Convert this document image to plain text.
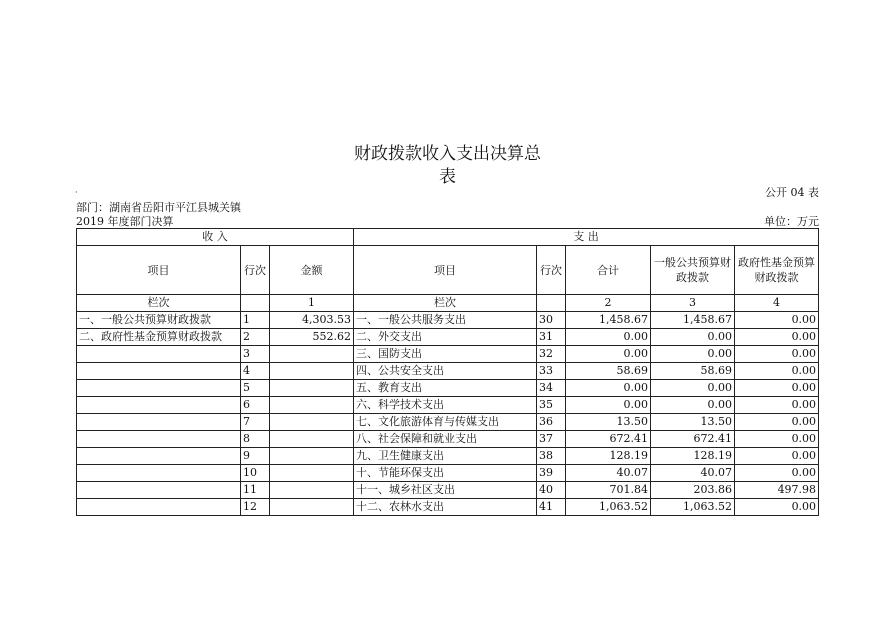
财政拨款收入支出决算总
表
·	公开 04 表
部门：湖南省岳阳市平江县城关镇
2019 年度部门决算	单位：万元
收 入			支 出				
项目	行次	金额	项目	行次	合计	一般公共预算财政拨款	政府性基金预算财政拨款
栏次		1	栏次		2	3	4
一、一般公共预算财政拨款	1	4,303.53	一、一般公共服务支出	30	1,458.67	1,458.67	0.00
二、政府性基金预算财政拨款	2	552.62	二、外交支出	31	0.00	0.00	0.00
	3		三、国防支出	32	0.00	0.00	0.00
	4		四、公共安全支出	33	58.69	58.69	0.00
	5		五、教育支出	34	0.00	0.00	0.00
	6		六、科学技术支出	35	0.00	0.00	0.00
	7		七、文化旅游体育与传媒支出	36	13.50	13.50	0.00
	8		八、社会保障和就业支出	37	672.41	672.41	0.00
	9		九、卫生健康支出	38	128.19	128.19	0.00
	10		十、节能环保支出	39	40.07	40.07	0.00
	11		十一、城乡社区支出	40	701.84	203.86	497.98
	12		十二、农林水支出	41	1,063.52	1,063.52	0.00
